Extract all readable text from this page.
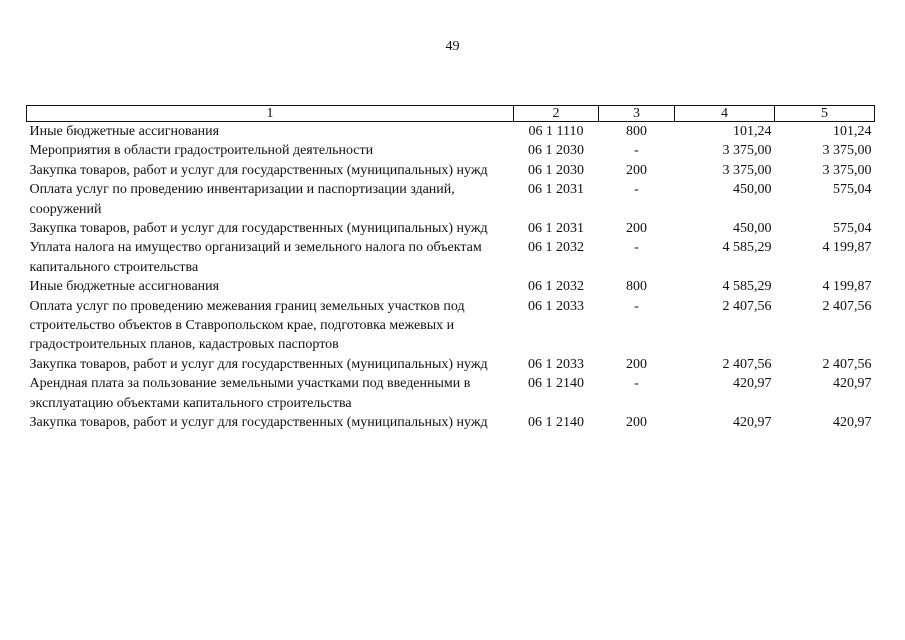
49
1	2	3	4	5
Иные бюджетные ассигнования	06 1 1110	800	101,24	101,24
Мероприятия в области градостроительной деятельности	06 1 2030	-	3 375,00	3 375,00
Закупка товаров, работ и услуг для государственных (муниципальных) нужд	06 1 2030	200	3 375,00	3 375,00
Оплата услуг по проведению инвентаризации и паспортизации зданий, сооружений	06 1 2031	-	450,00	575,04
Закупка товаров, работ и услуг для государственных (муниципальных) нужд	06 1 2031	200	450,00	575,04
Уплата налога на имущество организаций и земельного налога по объектам капитального строительства	06 1 2032	-	4 585,29	4 199,87
Иные бюджетные ассигнования	06 1 2032	800	4 585,29	4 199,87
Оплата услуг по проведению межевания границ земельных участков под строительство объектов в Ставропольском крае, подготовка межевых и градостроительных планов, кадастровых паспортов	06 1 2033	-	2 407,56	2 407,56
Закупка товаров, работ и услуг для государственных (муниципальных) нужд	06 1 2033	200	2 407,56	2 407,56
Арендная плата за пользование земельными участками под введенными в эксплуатацию объектами капитального строительства	06 1 2140	-	420,97	420,97
Закупка товаров, работ и услуг для государственных (муниципальных) нужд	06 1 2140	200	420,97	420,97
